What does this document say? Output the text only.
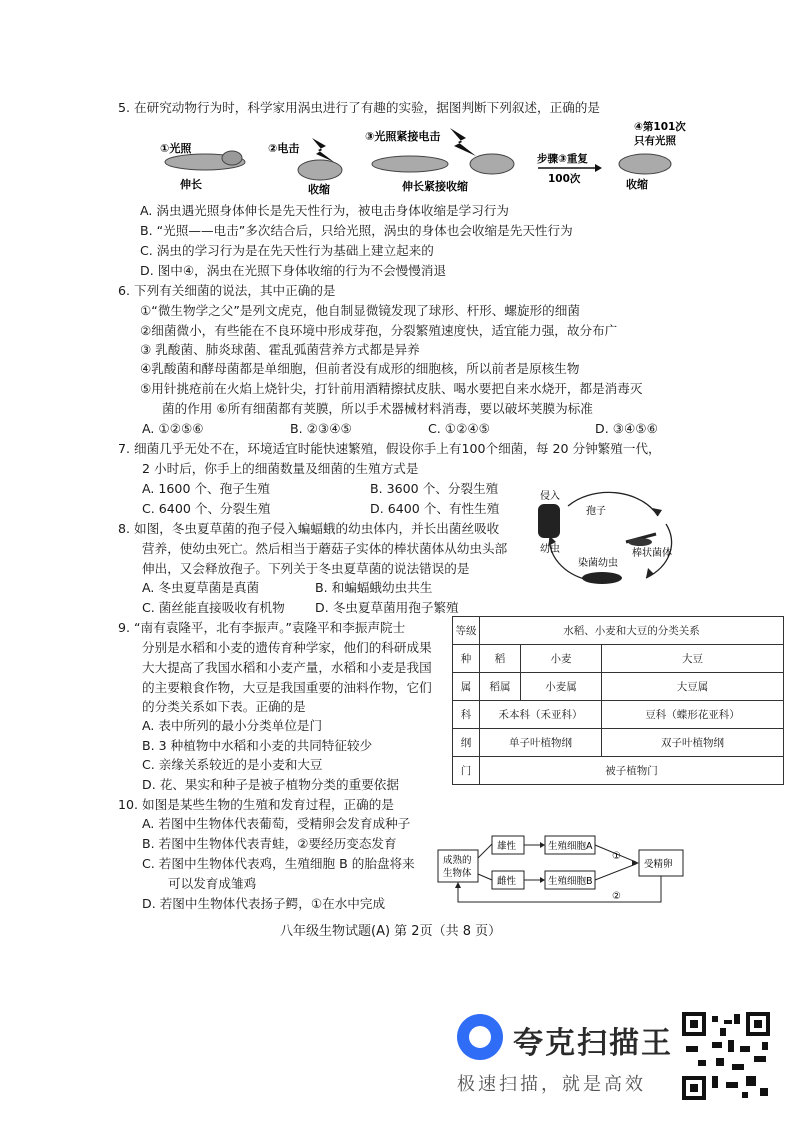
5. 在研究动物行为时，科学家用涡虫进行了有趣的实验，据图判断下列叙述，正确的是
①光照
伸长
②电击
收缩
③光照紧接电击
伸长紧接收缩
步骤③重复
100次
④第101次
只有光照
收缩
A. 涡虫遇光照身体伸长是先天性行为，被电击身体收缩是学习行为
B. “光照——电击”多次结合后，只给光照，涡虫的身体也会收缩是先天性行为
C. 涡虫的学习行为是在先天性行为基础上建立起来的
D. 图中④，涡虫在光照下身体收缩的行为不会慢慢消退
6. 下列有关细菌的说法，其中正确的是
①“微生物学之父”是列文虎克，他自制显微镜发现了球形、杆形、螺旋形的细菌
②细菌微小，有些能在不良环境中形成芽孢，分裂繁殖速度快，适宜能力强，故分布广
③ 乳酸菌、肺炎球菌、霍乱弧菌营养方式都是异养
④乳酸菌和酵母菌都是单细胞，但前者没有成形的细胞核，所以前者是原核生物
⑤用针挑疮前在火焰上烧针尖，打针前用酒精擦拭皮肤、喝水要把自来水烧开，都是消毒灭
菌的作用 ⑥所有细菌都有荚膜，所以手术器械材料消毒，要以破坏荚膜为标准
A. ①②⑤⑥	B. ②③④⑤	C. ①②④⑤	D. ③④⑤⑥
7. 细菌几乎无处不在，环境适宜时能快速繁殖，假设你手上有100个细菌，每 20 分钟繁殖一代，
2 小时后，你手上的细菌数量及细菌的生殖方式是
A. 1600 个、孢子生殖	B. 3600 个、分裂生殖
C. 6400 个、分裂生殖	D. 6400 个、有性生殖
8. 如图，冬虫夏草菌的孢子侵入蝙蝠蛾的幼虫体内，并长出菌丝吸收
营养，使幼虫死亡。然后相当于蘑菇子实体的棒状菌体从幼虫头部
伸出，又会释放孢子。下列关于冬虫夏草菌的说法错误的是
A. 冬虫夏草菌是真菌	B. 和蝙蝠蛾幼虫共生
C. 菌丝能直接吸收有机物 D. 冬虫夏草菌用孢子繁殖
侵入
孢子
幼虫	棒状菌体
染菌幼虫
9. “南有袁隆平，北有李振声。”袁隆平和李振声院士
分别是水稻和小麦的遗传育种学家，他们的科研成果
大大提高了我国水稻和小麦产量，水稻和小麦是我国
的主要粮食作物，大豆是我国重要的油料作物，它们
的分类关系如下表。正确的是
A. 表中所列的最小分类单位是门
B. 3 种植物中水稻和小麦的共同特征较少
C. 亲缘关系较近的是小麦和大豆
D. 花、果实和种子是被子植物分类的重要依据
等级	水稻、小麦和大豆的分类关系		
种	稻	小麦	大豆
属	稻属	小麦属	大豆属
科	禾本科（禾亚科）		豆科（蝶形花亚科）
纲	单子叶植物纲		双子叶植物纲
门	被子植物门		
10. 如图是某些生物的生殖和发育过程，正确的是
A. 若图中生物体代表葡萄，受精卵会发育成种子
B. 若图中生物体代表青蛙，②要经历变态发育
C. 若图中生物体代表鸡，生殖细胞 B 的胎盘将来
可以发育成雏鸡
D. 若图中生物体代表扬子鳄，①在水中完成
成熟的
生物体
雄性
雌性
生殖细胞A
生殖细胞B
①
受精卵
②
八年级生物试题(A) 第 2页（共 8 页）
夸克扫描王
极速扫描，就是高效
